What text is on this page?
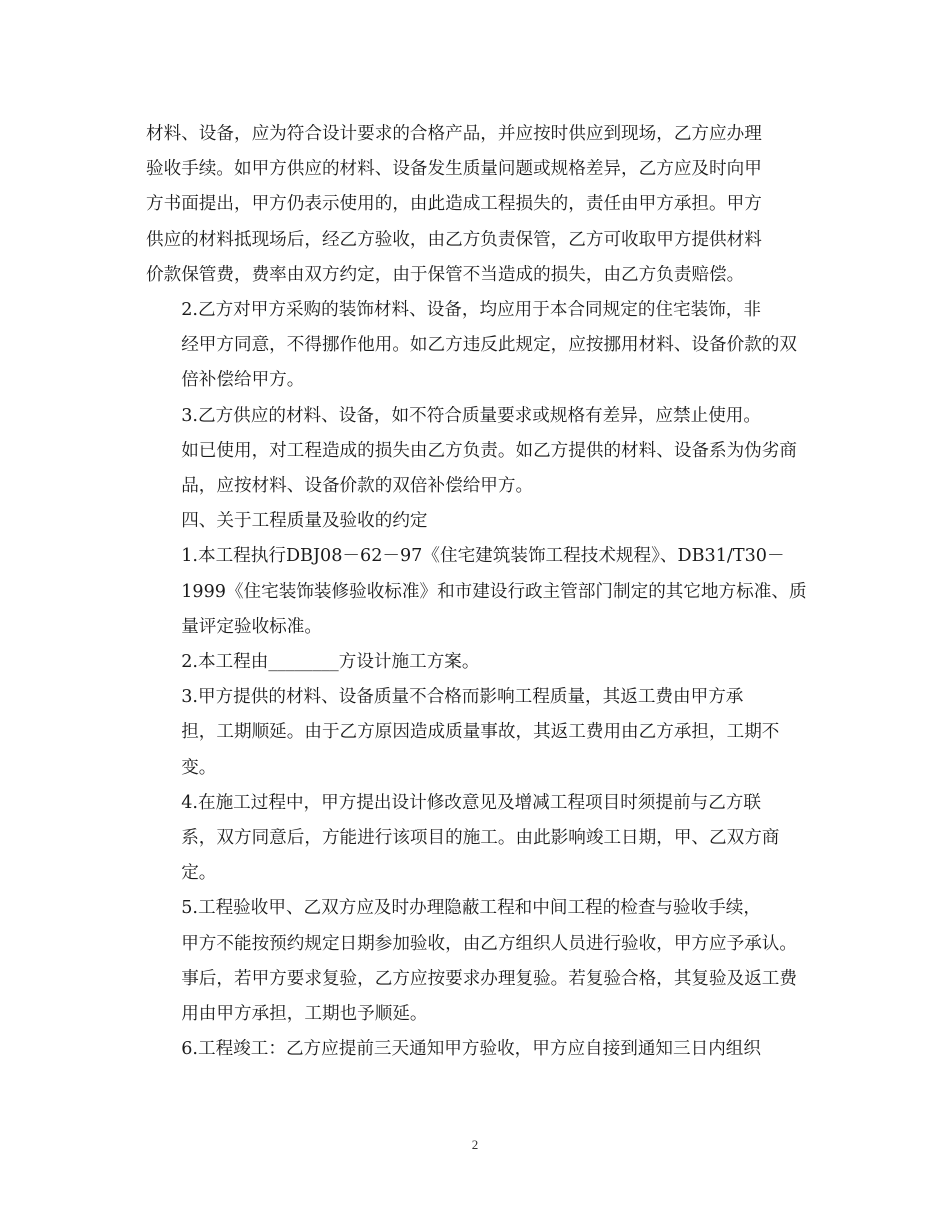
材料、设备，应为符合设计要求的合格产品，并应按时供应到现场，乙方应办理
验收手续。如甲方供应的材料、设备发生质量问题或规格差异，乙方应及时向甲
方书面提出，甲方仍表示使用的，由此造成工程损失的，责任由甲方承担。甲方
供应的材料抵现场后，经乙方验收，由乙方负责保管，乙方可收取甲方提供材料
价款保管费，费率由双方约定，由于保管不当造成的损失，由乙方负责赔偿。

2.乙方对甲方采购的装饰材料、设备，均应用于本合同规定的住宅装饰，非
经甲方同意，不得挪作他用。如乙方违反此规定，应按挪用材料、设备价款的双
倍补偿给甲方。

3.乙方供应的材料、设备，如不符合质量要求或规格有差异，应禁止使用。
如已使用，对工程造成的损失由乙方负责。如乙方提供的材料、设备系为伪劣商
品，应按材料、设备价款的双倍补偿给甲方。

四、关于工程质量及验收的约定

1.本工程执行DBJ08－62－97《住宅建筑装饰工程技术规程》、DB31/T30－
1999《住宅装饰装修验收标准》和市建设行政主管部门制定的其它地方标准、质
量评定验收标准。

2.本工程由________方设计施工方案。

3.甲方提供的材料、设备质量不合格而影响工程质量，其返工费由甲方承
担，工期顺延。由于乙方原因造成质量事故，其返工费用由乙方承担，工期不
变。

4.在施工过程中，甲方提出设计修改意见及增减工程项目时须提前与乙方联
系，双方同意后，方能进行该项目的施工。由此影响竣工日期，甲、乙双方商
定。

5.工程验收甲、乙双方应及时办理隐蔽工程和中间工程的检查与验收手续，
甲方不能按预约规定日期参加验收，由乙方组织人员进行验收，甲方应予承认。
事后，若甲方要求复验，乙方应按要求办理复验。若复验合格，其复验及返工费
用由甲方承担，工期也予顺延。

6.工程竣工：乙方应提前三天通知甲方验收，甲方应自接到通知三日内组织

2
